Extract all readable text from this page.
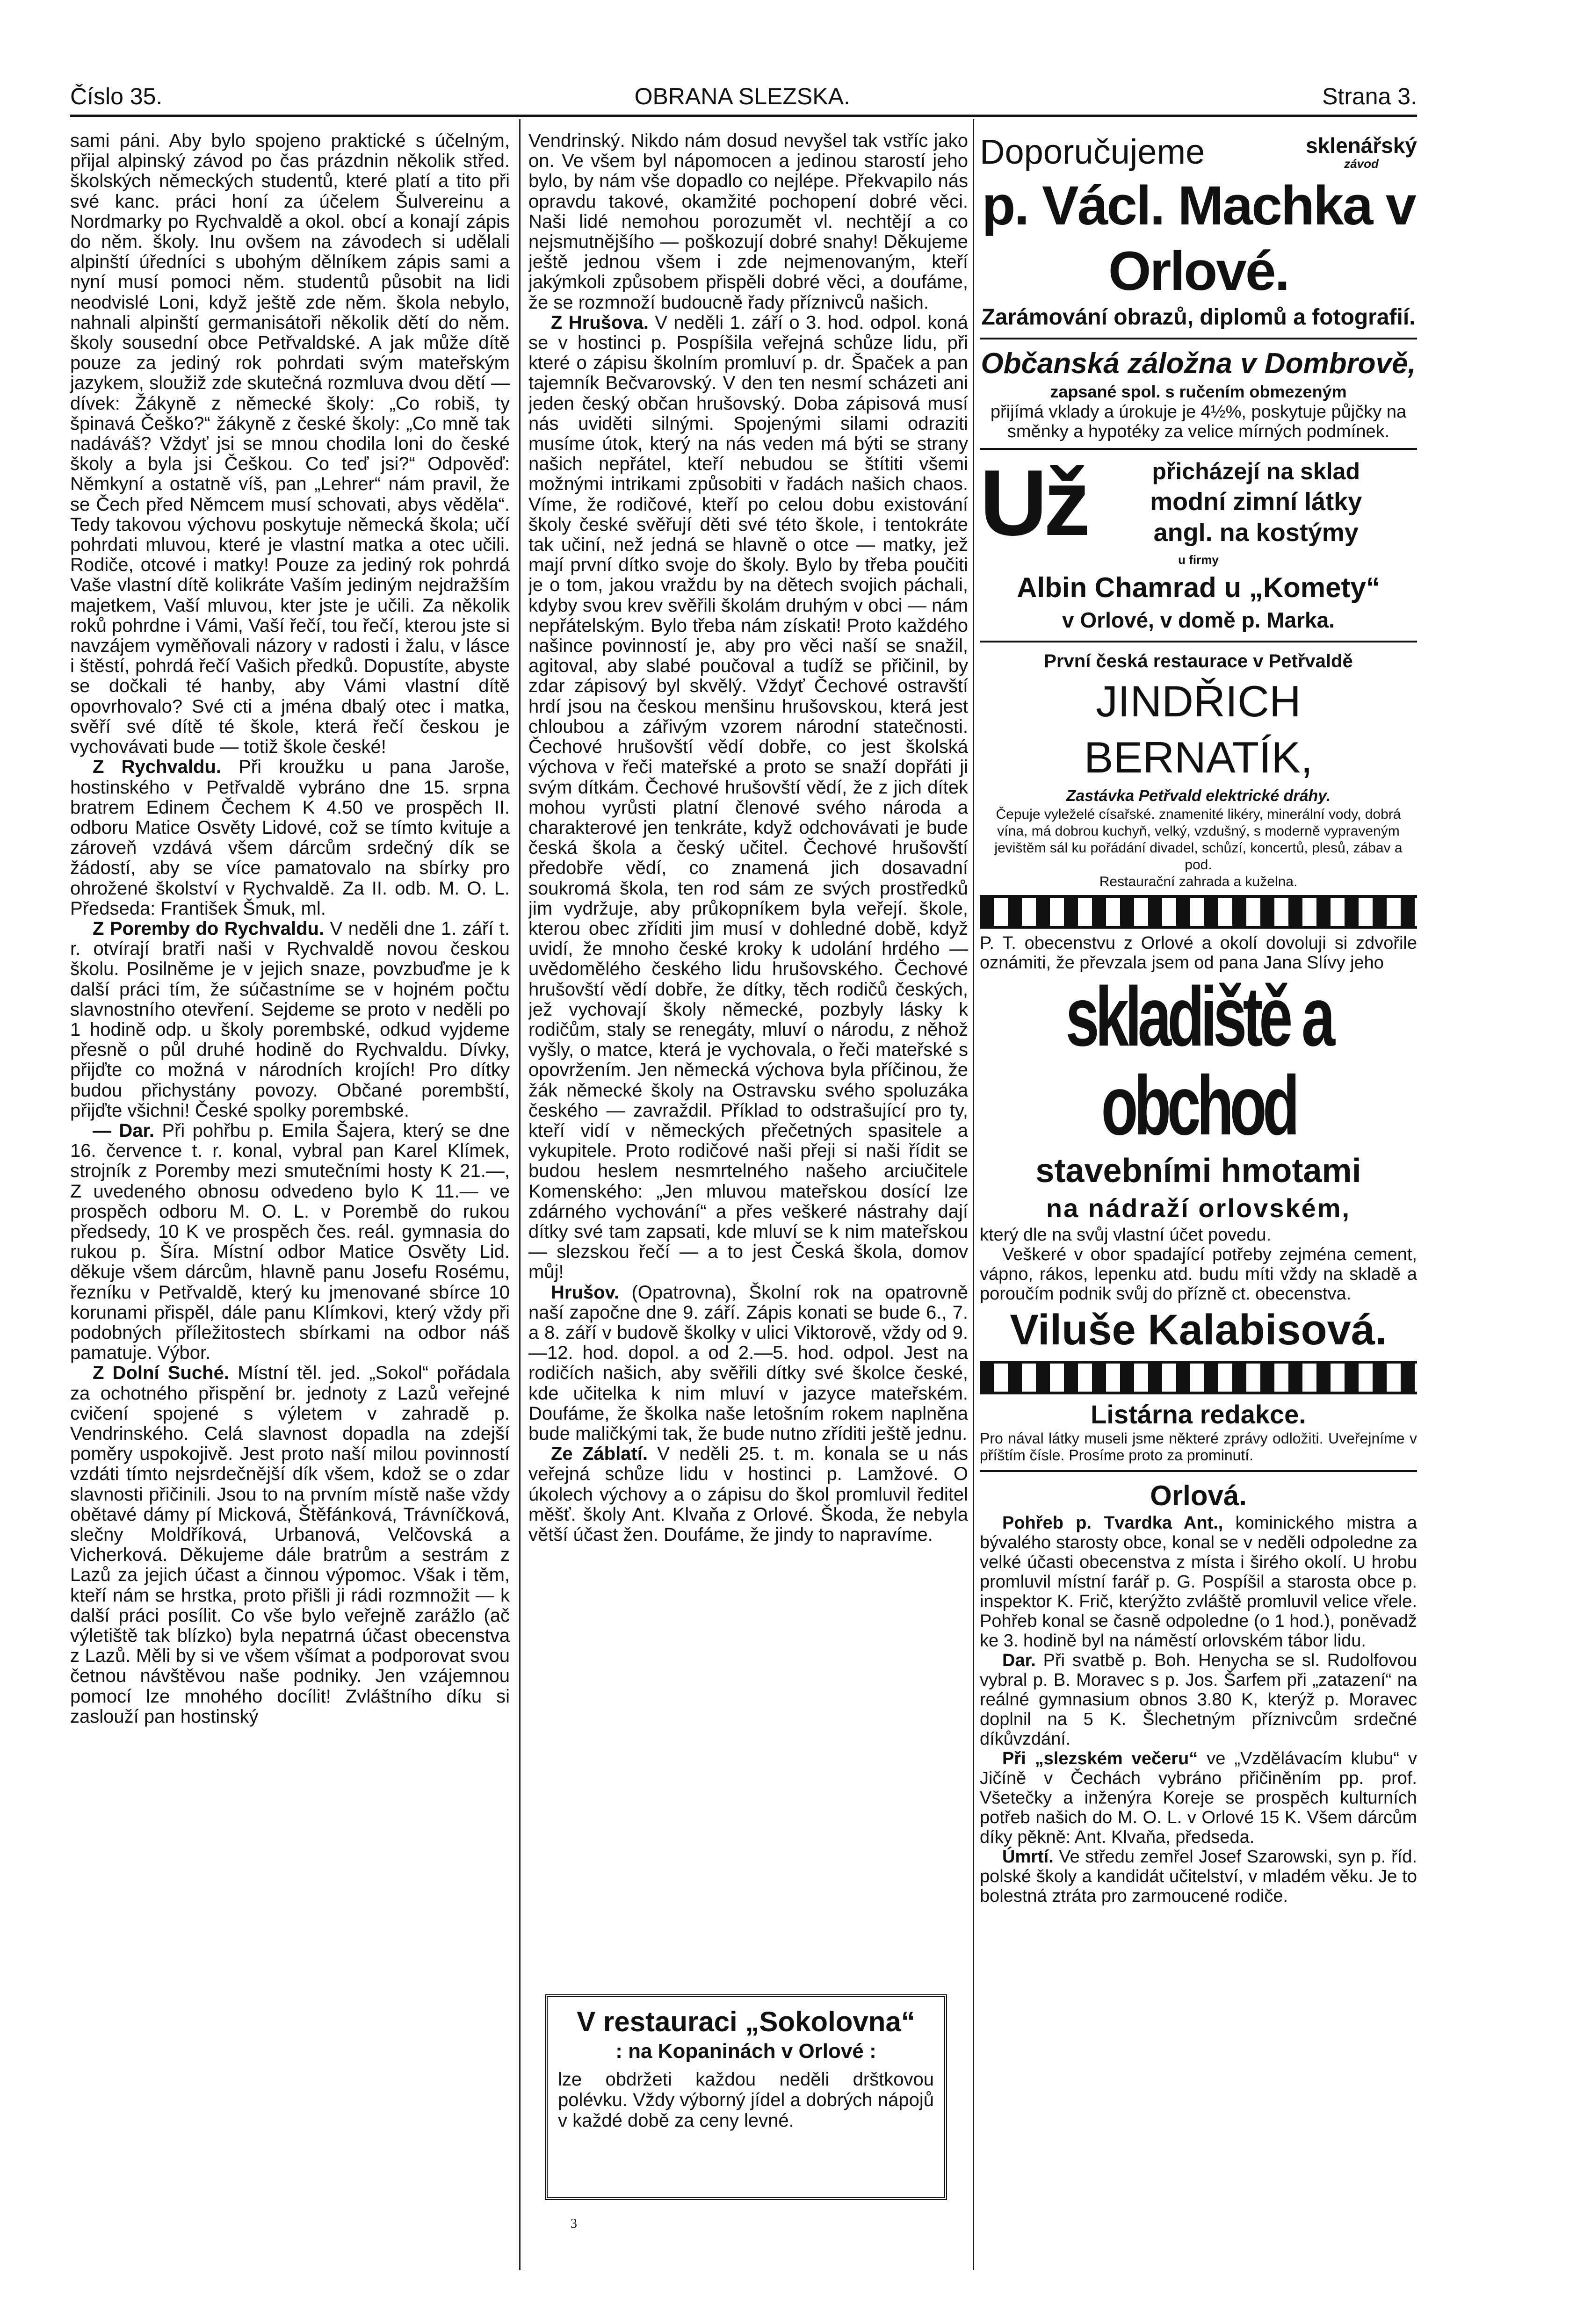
Číslo 35.	OBRANA SLEZSKA.	Strana 3.

sami páni. Aby bylo spojeno praktické s účelným, přijal alpinský závod po čas prázdnin několik střed. školských německých studentů, které platí a tito při své kanc. práci honí za účelem Šulvereinu a Nordmarky po Rychvaldě a okol. obcí a konají zápis do něm. školy. Inu ovšem na závodech si udělali alpinští úředníci s ubohým dělníkem zápis sami a nyní musí pomoci něm. studentů působit na lidi neodvislé Loni, když ještě zde něm. škola nebylo, nahnali alpinští germanisátoři několik dětí do něm. školy sousední obce Petřvaldské. A jak může dítě pouze za jediný rok pohrdati svým mateřským jazykem, sloužiž zde skutečná rozmluva dvou dětí — dívek: Žákyně z německé školy: „Co robiš, ty špinavá Češko?“ žákyně z české školy: „Co mně tak nadáváš? Vždyť jsi se mnou chodila loni do české školy a byla jsi Češkou. Co teď jsi?“ Odpověď: Němkyní a ostatně víš, pan „Lehrer“ nám pravil, že se Čech před Němcem musí schovati, abys věděla“. Tedy takovou výchovu poskytuje německá škola; učí pohrdati mluvou, které je vlastní matka a otec učili. Rodiče, otcové i matky! Pouze za jediný rok pohrdá Vaše vlastní dítě kolikráte Vaším jediným nejdražším majetkem, Vaší mluvou, kter jste je učili. Za několik roků pohrdne i Vámi, Vaší řečí, tou řečí, kterou jste si navzájem vyměňovali názory v radosti i žalu, v lásce i štěstí, pohrdá řečí Vašich předků. Dopustíte, abyste se dočkali té hanby, aby Vámi vlastní dítě opovrhovalo? Své cti a jména dbalý otec i matka, svěří své dítě té škole, která řečí českou je vychovávati bude — totiž škole české!

Z Rychvaldu. Při kroužku u pana Jaroše, hostinského v Petřvaldě vybráno dne 15. srpna bratrem Edinem Čechem K 4.50 ve prospěch II. odboru Matice Osvěty Lidové, což se tímto kvituje a zároveň vzdává všem dárcům srdečný dík se žádostí, aby se více pamatovalo na sbírky pro ohrožené školství v Rychvaldě. Za II. odb. M. O. L. Předseda: František Šmuk, ml.

Z Poremby do Rychvaldu. V neděli dne 1. září t. r. otvírají bratři naši v Rychvaldě novou českou školu. Posilněme je v jejich snaze, povzbuďme je k další práci tím, že súčastníme se v hojném počtu slavnostního otevření. Sejdeme se proto v neděli po 1 hodině odp. u školy porembské, odkud vyjdeme přesně o půl druhé hodině do Rychvaldu. Dívky, přijďte co možná v národních krojích! Pro dítky budou přichystány povozy. Občané porembští, přijďte všichni! České spolky porembské.

— Dar. Při pohřbu p. Emila Šajera, který se dne 16. července t. r. konal, vybral pan Karel Klímek, strojník z Poremby mezi smutečními hosty K 21.—, Z uvedeného obnosu odvedeno bylo K 11.— ve prospěch odboru M. O. L. v Porembě do rukou předsedy, 10 K ve prospěch čes. reál. gymnasia do rukou p. Šíra. Místní odbor Matice Osvěty Lid. děkuje všem dárcům, hlavně panu Josefu Rosému, řezníku v Petřvaldě, který ku jmenované sbírce 10 korunami přispěl, dále panu Klímkovi, který vždy při podobných příležitostech sbírkami na odbor náš pamatuje. Výbor.

Z Dolní Suché. Místní těl. jed. „Sokol“ pořádala za ochotného přispění br. jednoty z Lazů veřejné cvičení spojené s výletem v zahradě p. Vendrinského. Celá slavnost dopadla na zdejší poměry uspokojivě. Jest proto naší milou povinností vzdáti tímto nejsrdečnější dík všem, kdož se o zdar slavnosti přičinili. Jsou to na prvním místě naše vždy obětavé dámy pí Micková, Štěfánková, Trávníčková, slečny Moldříková, Urbanová, Velčovská a Vicherková. Děkujeme dále bratrům a sestrám z Lazů za jejich účast a činnou výpomoc. Však i těm, kteří nám se hrstka, proto přišli ji rádi rozmnožit — k další práci posílit. Co vše bylo veřejně zarážlo (ač výletiště tak blízko) byla nepatrná účast obecenstva z Lazů. Měli by si ve všem všímat a podporovat svou četnou návštěvou naše podniky. Jen vzájemnou pomocí lze mnohého docílit! Zvláštního díku si zaslouží pan hostinský

Vendrinský. Nikdo nám dosud nevyšel tak vstříc jako on. Ve všem byl nápomocen a jedinou starostí jeho bylo, by nám vše dopadlo co nejlépe. Překvapilo nás opravdu takové, okamžité pochopení dobré věci. Naši lidé nemohou porozumět vl. nechtějí a co nejsmutnějšího — poškozují dobré snahy! Děkujeme ještě jednou všem i zde nejmenovaným, kteří jakýmkoli způsobem přispěli dobré věci, a doufáme, že se rozmnoží budoucně řady příznivců našich.

Z Hrušova. V neděli 1. září o 3. hod. odpol. koná se v hostinci p. Pospíšila veřejná schůze lidu, při které o zápisu školním promluví p. dr. Špaček a pan tajemník Bečvarovský. V den ten nesmí scházeti ani jeden český občan hrušovský. Doba zápisová musí nás uviděti silnými. Spojenými silami odraziti musíme útok, který na nás veden má býti se strany našich nepřátel, kteří nebudou se štítiti všemi možnými intrikami způsobiti v řadách našich chaos. Víme, že rodičové, kteří po celou dobu existování školy české svěřují děti své této škole, i tentokráte tak učiní, než jedná se hlavně o otce — matky, jež mají první dítko svoje do školy. Bylo by třeba poučiti je o tom, jakou vraždu by na dětech svojich páchali, kdyby svou krev svěřili školám druhým v obci — nám nepřátelským. Bylo třeba nám získati! Proto každého našince povinností je, aby pro věci naší se snažil, agitoval, aby slabé poučoval a tudíž se přičinil, by zdar zápisový byl skvělý. Vždyť Čechové ostravští hrdí jsou na českou menšinu hrušovskou, která jest chloubou a zářivým vzorem národní statečnosti. Čechové hrušovští vědí dobře, co jest školská výchova v řeči mateřské a proto se snaží dopřáti ji svým dítkám. Čechové hrušovští vědí, že z jich dítek mohou vyrůsti platní členové svého národa a charakterové jen tenkráte, když odchovávati je bude česká škola a český učitel. Čechové hrušovští předobře vědí, co znamená jich dosavadní soukromá škola, ten rod sám ze svých prostředků jim vydržuje, aby průkopníkem byla veřejí. škole, kterou obec zříditi jim musí v dohledné době, když uvidí, že mnoho české kroky k udolání hrdého — uvědomělého českého lidu hrušovského. Čechové hrušovští vědí dobře, že dítky, těch rodičů českých, jež vychovají školy německé, pozbyly lásky k rodičům, staly se renegáty, mluví o národu, z něhož vyšly, o matce, která je vychovala, o řeči mateřské s opovržením. Jen německá výchova byla příčinou, že žák německé školy na Ostravsku svého spoluzáka českého — zavraždil. Příklad to odstrašující pro ty, kteří vidí v německých přečetných spasitele a vykupitele. Proto rodičové naši přeji si naši řídit se budou heslem nesmrtelného našeho arciučitele Komenského: „Jen mluvou mateřskou dosící lze zdárného vychování“ a přes veškeré nástrahy dají dítky své tam zapsati, kde mluví se k nim mateřskou — slezskou řečí — a to jest Česká škola, domov můj!

Hrušov. (Opatrovna), Školní rok na opatrovně naší započne dne 9. září. Zápis konati se bude 6., 7. a 8. září v budově školky v ulici Viktorově, vždy od 9.—12. hod. dopol. a od 2.—5. hod. odpol. Jest na rodičích našich, aby svěřili dítky své školce české, kde učitelka k nim mluví v jazyce mateřském. Doufáme, že školka naše letošním rokem naplněna bude maličkými tak, že bude nutno zříditi ještě jednu.

Ze Záblatí. V neděli 25. t. m. konala se u nás veřejná schůze lidu v hostinci p. Lamžové. O úkolech výchovy a o zápisu do škol promluvil ředitel měšť. školy Ant. Klvaňa z Orlové. Škoda, že nebyla větší účast žen. Doufáme, že jindy to napravíme.

V restauraci „Sokolovna“
: na Kopaninách v Orlové :
lze obdržeti každou neděli drštkovou polévku. Vždy výborný jídel a dobrých nápojů v každé době za ceny levné.
Doporučujeme	sklenářský
závod
p. Václ. Machka v Orlové.
Zarámování obrazů, diplomů a fotografií.
Občanská záložna v Dombrově,
zapsané spol. s ručením obmezeným
přijímá vklady a úrokuje je 4½%, poskytuje půjčky na směnky a hypotéky za velice mírných podmínek.
Už	přicházejí na sklad
modní zimní látky
angl. na kostýmy
u firmy
Albin Chamrad u „Komety“
v Orlové, v domě p. Marka.
První česká restaurace v Petřvaldě
JINDŘICH BERNATÍK,
Zastávka Petřvald elektrické dráhy.
Čepuje vyleželé císařské. znamenité likéry, minerální vody, dobrá vína, má dobrou kuchyň, velký, vzdušný, s moderně vypraveným jevištěm sál ku pořádání divadel, schůzí, koncertů, plesů, zábav a pod.
Restaurační zahrada a kuželna.
P. T. obecenstvu z Orlové a okolí dovoluji si zdvořile oznámiti, že převzala jsem od pana Jana Slívy jeho
skladiště a obchod
stavebními hmotami
na nádraží orlovském,
který dle na svůj vlastní účet povedu.
Veškeré v obor spadající potřeby zejména cement, vápno, rákos, lepenku atd. budu míti vždy na skladě a poroučím podnik svůj do přízně ct. obecenstva.
Viluše Kalabisová.
Listárna redakce.
Pro nával látky museli jsme některé zprávy odložiti. Uveřejníme v příštím čísle. Prosíme proto za prominutí.
Orlová.

Pohřeb p. Tvardka Ant., kominického mistra a bývalého starosty obce, konal se v neděli odpoledne za velké účasti obecenstva z místa i širého okolí. U hrobu promluvil místní farář p. G. Pospíšil a starosta obce p. inspektor K. Frič, kterýžto zvláště promluvil velice vřele. Pohřeb konal se časně odpoledne (o 1 hod.), poněvadž ke 3. hodině byl na náměstí orlovském tábor lidu.

Dar. Při svatbě p. Boh. Henycha se sl. Rudolfovou vybral p. B. Moravec s p. Jos. Šarfem při „zatazení“ na reálné gymnasium obnos 3.80 K, kterýž p. Moravec doplnil na 5 K. Šlechetným příznivcům srdečné díkůvzdání.

Při „slezském večeru“ ve „Vzdělávacím klubu“ v Jičíně v Čechách vybráno přičiněním pp. prof. Všetečky a inženýra Koreje se prospěch kulturních potřeb našich do M. O. L. v Orlové 15 K. Všem dárcům díky pěkně: Ant. Klvaňa, předseda.

Úmrtí. Ve středu zemřel Josef Szarowski, syn p. říd. polské školy a kandidát učitelství, v mladém věku. Je to bolestná ztráta pro zarmoucené rodiče.

3
